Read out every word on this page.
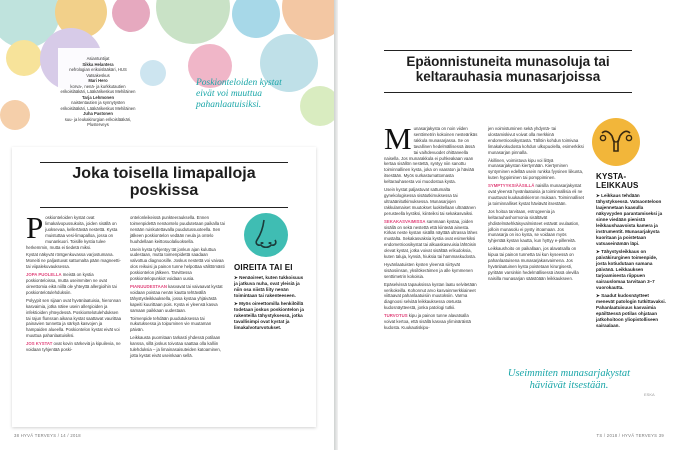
Asiantuntijat
Sikka Helantera
nefrologian erikoislääkäri, HUS Vatsakeskus
Mari Hero
korva-, nenä- ja kurkkutautien erikoislääkäri, Lääkärikeskus Mehiläinen
Tarja Lehmonen
naistentautien ja synnytysten erikoislääkäri, Lääkärikeskus Mehiläinen
Juha Pastonen
suu- ja leukakirurgian erikoislääkäri, Plusterveys
Poskionteloiden kystat eivät voi muuttua pahanlaatuisiksi.
Joka toisella limapalloja poskissa

Poskionteloiden kystat ovat limakalvopussukoita, joiden sisällä on juoksevaa, kellertävää nestettä. Kysta muistuttaa vesi-limapalloa, jossa on munankuori. Toisille kystia tulee herkemmin, mutta ei tiedetä miksi.

Kystat näkyvät röntgenkuvassa varjostumana. Moneiti ne paljastuvat sattumalta pään magneetti- tai viipalekuvauksessa.

JOPA PUOLELLA meistä on kystia poskionteloissa, mutta useimmiten ne ovat oireettomia eikä niillä ole yhteyttä allergioihin tai poskiontelotulehduksiin.

Polyypit sen sijaan ovat hyvänlaatuisia, hieronnan kasvaimia, jotka nälee usein allergioiden ja infektioiden yhteydessä. Poskiontelotulehduksen tai rajun flunssan aikana kystat saattavat vaurittaa painavien tunnetta ja särkyä kasvojen ja hampaiden alueella. Poskiontelon kystat eivät voi muuttua pahanlaatuisiksi.

JOS KYSTAT ovat kovin särkeviä ja kipuilevia, ne voidaan tyhjentää poski-

ontelonleikeissä punkteerauksella. Ennen toimenpidettä nenäontelo puudutetaan paikalla tai nenään ruiskutettavalla puudutussuoteella. Sen jälkeen poskiontelon vedään neula ja ontelo huuhdellaan keittosuolaliuoksella.

Usein kysta tyhjentyy tät jonkun ajan kuluttua uudestaan, mutta toimenpidettä saadaan valvottua diagnoosille. Joskus nestettä voi vaivaa olos reikuisi ja painon tunne helpottaa välittömästi poskiontelon jälkeen. Tarvittessa poskiontelopunkiot voidaan uusia.

PIANUUDESTAAN kasvavat tai vaivaavat kystat voidaan poistaa nenän kautta tehtävällä tähystysleikkauksella, jossa kystaa yhjäivästä kapeiti kuurittaan pois. Kysta ei yleensä kasva samaan paikkaan uudestaan.

Toimenpide tehdään puudutuksessa tai nukutuksessa ja toipuminen vie muutaman päivän.

Leikkausta puomitaan tarkasti yhdessä potilaan kanssa, sillä joskus toivotaa saattaa olla kalliin tulehduksia – ja limainasaisuteiden katoaminen, jotta kystat eivät useinkaan sellä.

OIREITA TAI EI
➤ Nenäoireet, kuten tukkoisuus ja jatkuva nuha, ovat yleisiä ja niin osa niistä liity nenän toimintaan tai rakenteeseen.
➤ Myös oireettomilla henkilöillä todetaan joskus poskiontelon ja rakenteilla tähystyksessä, jotka tavallisimpi ovat kystat ja limakalvoturvotukset.
38 HYVÄ TERVEYS / 14 / 2018
Epäonnistuneita munasoluja tai keltarauhasia munasarjoissa

Munasarjakysta on noin viiden senttimetrin kokoinen nesteärikäs rakkula munasarjassa. Se on tavallinen hedelmällisessä iässä tai vaihdevuodet ohittaneella naisella. Jos munarakkula ei puhkeakaan vaan kertaa sisällön nestettä, syntyy niin sanottu toiminnallinen kysta, joka on vaaraton ja häviää itsestään. Myös surkastumattomasta keltarauhasesta voi muodostua kysta.

Usein kystat paljastuvat sattumalta gynekologisessa sisätutkimuksessa tai ultraäänitutkimuksessa. Munasarjojen rakkulamaiset muutokset luokitellaan ultraäänen perusteella kystiksi, kiinteiksi tai sekakasvaiksi.

SEKAKASVAIMISSA sammaan kystaa, joiden sisällä on sekä nestettä että kiinteää ainesta. Kirkas neste kystan sisällä näyttää ultrassa lähes mustalta. Sekakasvaksia kystia ovat esimerkiksi endometrioosikystat tai alkuaskasvuisia lähtöisin olevat kystat, jotka voivat sisältää erikudoksia, kuten taluja, kynsiä, hiuksia tai hammaskudosta.

Hyvänlaatuisten kysten yleensä siirtyvät sisäosiinsan, yksilökeräimen ja alle kymmenen senttimetrin kokoisia.

Epäselvissä tapauksissa kystan laatu selvitetään verikokeilla. Kohonnut arvo kasvainmerkkiaineet viittaavat pahanlaatuisiin muutoksiin. Varma diagnoosi selviää leikkauksessa otetusta kudosnäytteestä, jonka patologi tutkii.

TURVOTUS kipu ja painon tunne alavatsalla voivat kertoa, että sisällä kasvaa yliminäräistä kudosta. Kuukautiskipu-

jen voimistuminen sekä yhdyntä- tai ulostamiskivut voivat olla merkkinä endometrioosikystasta. Tällöin kohdun toimivaa limakalvokudosta kohdun ulkopuolella, esimerkiksi munasarjan pinnalla.

Äkillinen, voimistuva kipu voi liittyä munasarjakystan kiertymään. Kiertyminen syntyminen edellää usein runkka fyysinen liikunta, kuten hyppiminen tai pomppiminen.

SYMPTYYKSIÄÄSILLÄ naisilla munasarjakystat ovat yleensä hyvänlaatuisia ja toiminnallisia eli ne muuttuvat kuukautiskierron mukaan. Toiminnalliset ja toiminnalliset kystat häviävät itsestään.

Jos hoitoa tarvitaan, estrogeenia ja keltarauhashormonia sisältävät yhdistelmäehkäisyvalmisteet estävät ovulaation, jolloin munasolu ei pysty irtoamaan. Jos munasarja on iso kysta, se voidaan myös tyhjentää kystan kautta, kun hyttyy e-pillereitä.

Leikkaushoito on paikallaan, jos alavatsalla on kipua tai painon tunnetta tai kun kyseessä on pahanlaatuisena munasarjakasvaimena. Jos hyvänlaatuinen kysta poistetaan kirurgisesti, pyritään varsinkin hedelmällisessä iässä olevilla naisilla munasarjan säästöään leikkaukseen.

KYSTA-LEIKKAUS
➤ Leikkaus tehdään tähystyksessä. Vatsaonteloon laajennetaan kaasulla näkyvyyden parantamiseksi ja sinne viedään pienistä leikkaushaavoista kamera ja instrumentit. Munasarjakysta kuoritaan ja poistetaan vatsaseinämän läpi.
➤ Tähystysleikkaus on päiväkirurginen toimenpide, josta kotiudutaan samana päivänä. Leikkauksen tarjoamisesta riippuen sairauslomaa tarvitaan 3–7 vuorokautta.
➤ Saadut kudosnäytteet menevät patologin tutkittavaksi. Pahanlaatuisuus kasvaimia epäiltäessä potilas ohjataan jatkohoitoon yliopistolliseen sairaalaan.
Useimmiten munasarjakystat häviävät itsestään.
ESKA
TS / 2018 / HYVÄ TERVEYS 39
